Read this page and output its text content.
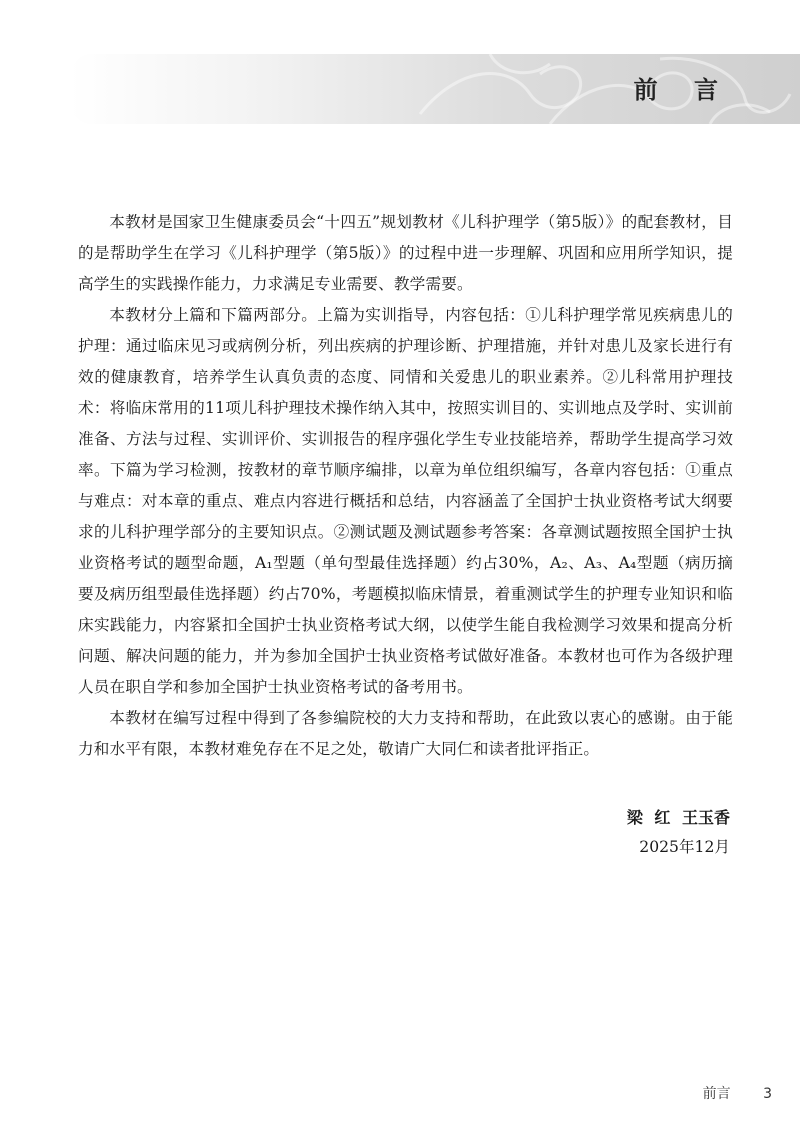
前 言

本教材是国家卫生健康委员会“十四五”规划教材《儿科护理学（第5版）》的配套教材，目的是帮助学生在学习《儿科护理学（第5版）》的过程中进一步理解、巩固和应用所学知识，提高学生的实践操作能力，力求满足专业需要、教学需要。

本教材分上篇和下篇两部分。上篇为实训指导，内容包括：①儿科护理学常见疾病患儿的护理：通过临床见习或病例分析，列出疾病的护理诊断、护理措施，并针对患儿及家长进行有效的健康教育，培养学生认真负责的态度、同情和关爱患儿的职业素养。②儿科常用护理技术：将临床常用的11项儿科护理技术操作纳入其中，按照实训目的、实训地点及学时、实训前准备、方法与过程、实训评价、实训报告的程序强化学生专业技能培养，帮助学生提高学习效率。下篇为学习检测，按教材的章节顺序编排，以章为单位组织编写，各章内容包括：①重点与难点：对本章的重点、难点内容进行概括和总结，内容涵盖了全国护士执业资格考试大纲要求的儿科护理学部分的主要知识点。②测试题及测试题参考答案：各章测试题按照全国护士执业资格考试的题型命题，A₁型题（单句型最佳选择题）约占30%，A₂、A₃、A₄型题（病历摘要及病历组型最佳选择题）约占70%，考题模拟临床情景，着重测试学生的护理专业知识和临床实践能力，内容紧扣全国护士执业资格考试大纲，以使学生能自我检测学习效果和提高分析问题、解决问题的能力，并为参加全国护士执业资格考试做好准备。本教材也可作为各级护理人员在职自学和参加全国护士执业资格考试的备考用书。

本教材在编写过程中得到了各参编院校的大力支持和帮助，在此致以衷心的感谢。由于能力和水平有限，本教材难免存在不足之处，敬请广大同仁和读者批评指正。

梁 红 王玉香
2025年12月
前言 3
